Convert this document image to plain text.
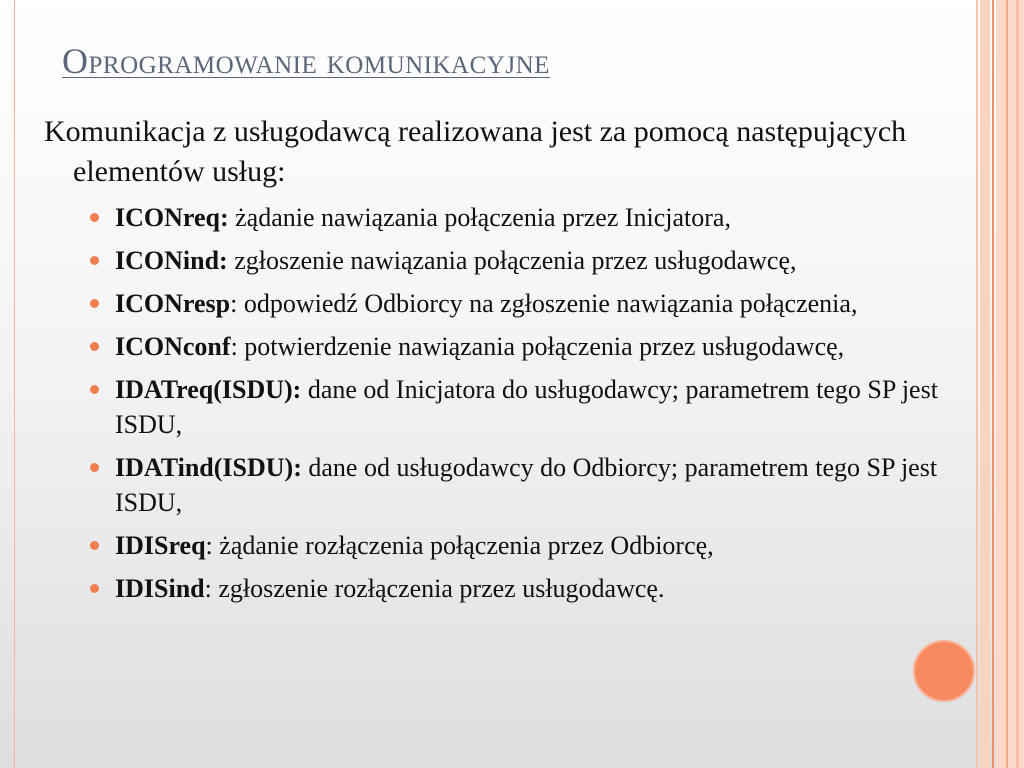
Oprogramowanie komunikacyjne

Komunikacja z usługodawcą realizowana jest za pomocą następujących elementów usług:

ICONreq: żądanie nawiązania połączenia przez Inicjatora,
ICONind: zgłoszenie nawiązania połączenia przez usługodawcę,
ICONresp: odpowiedź Odbiorcy na zgłoszenie nawiązania połączenia,
ICONconf: potwierdzenie nawiązania połączenia przez usługodawcę,
IDATreq(ISDU): dane od Inicjatora do usługodawcy; parametrem tego SP jest ISDU,
IDATind(ISDU): dane od usługodawcy do Odbiorcy; parametrem tego SP jest ISDU,
IDISreq: żądanie rozłączenia połączenia przez Odbiorcę,
IDISind: zgłoszenie rozłączenia przez usługodawcę.
